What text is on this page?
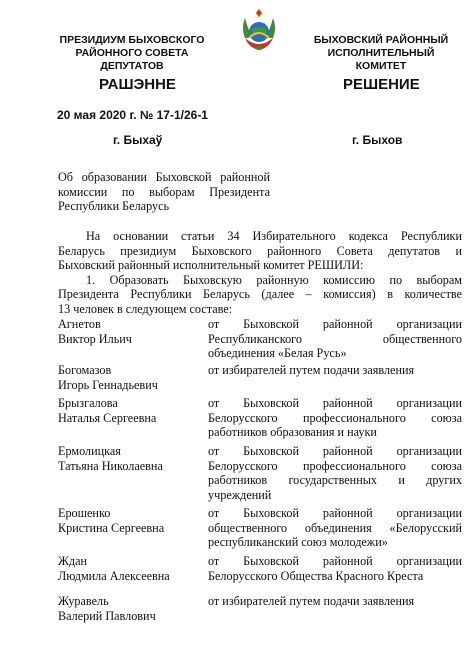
ПРЕЗИДИУМ БЫХОВСКОГО
РАЙОННОГО СОВЕТА
ДЕПУТАТОВ
БЫХОВСКИЙ РАЙОННЫЙ
ИСПОЛНИТЕЛЬНЫЙ КОМИТЕТ
РАШЭННЕ	РЕШЕНИЕ
20 мая 2020 г. № 17-1/26-1
г. Быхаў	г. Быхов
Об образовании Быховской районной
комиссии по выборам Президента
Республики Беларусь
На основании статьи 34 Избирательного кодекса Республики
Беларусь президиум Быховского районного Совета депутатов и
Быховский районный исполнительный комитет РЕШИЛИ:
1. Образовать Быховскую районную комиссию по выборам
Президента Республики Беларусь (далее – комиссия) в количестве
13 человек в следующем составе:
Агнетов
Виктор Ильич
от Быховской районной организации
Республиканского общественного
объединения «Белая Русь»
Богомазов
Игорь Геннадьевич
от избирателей путем подачи заявления
Брызгалова
Наталья Сергеевна
от Быховской районной организации
Белорусского профессионального союза
работников образования и науки
Ермолицкая
Татьяна Николаевна
от Быховской районной организации
Белорусского профессионального союза
работников государственных и других
учреждений
Ерошенко
Кристина Сергеевна
от Быховской районной организации
общественного объединения «Белорусский
республиканский союз молодежи»
Ждан
Людмила Алексеевна
от Быховской районной организации
Белорусского Общества Красного Креста
Журавель
Валерий Павлович
от избирателей путем подачи заявления
